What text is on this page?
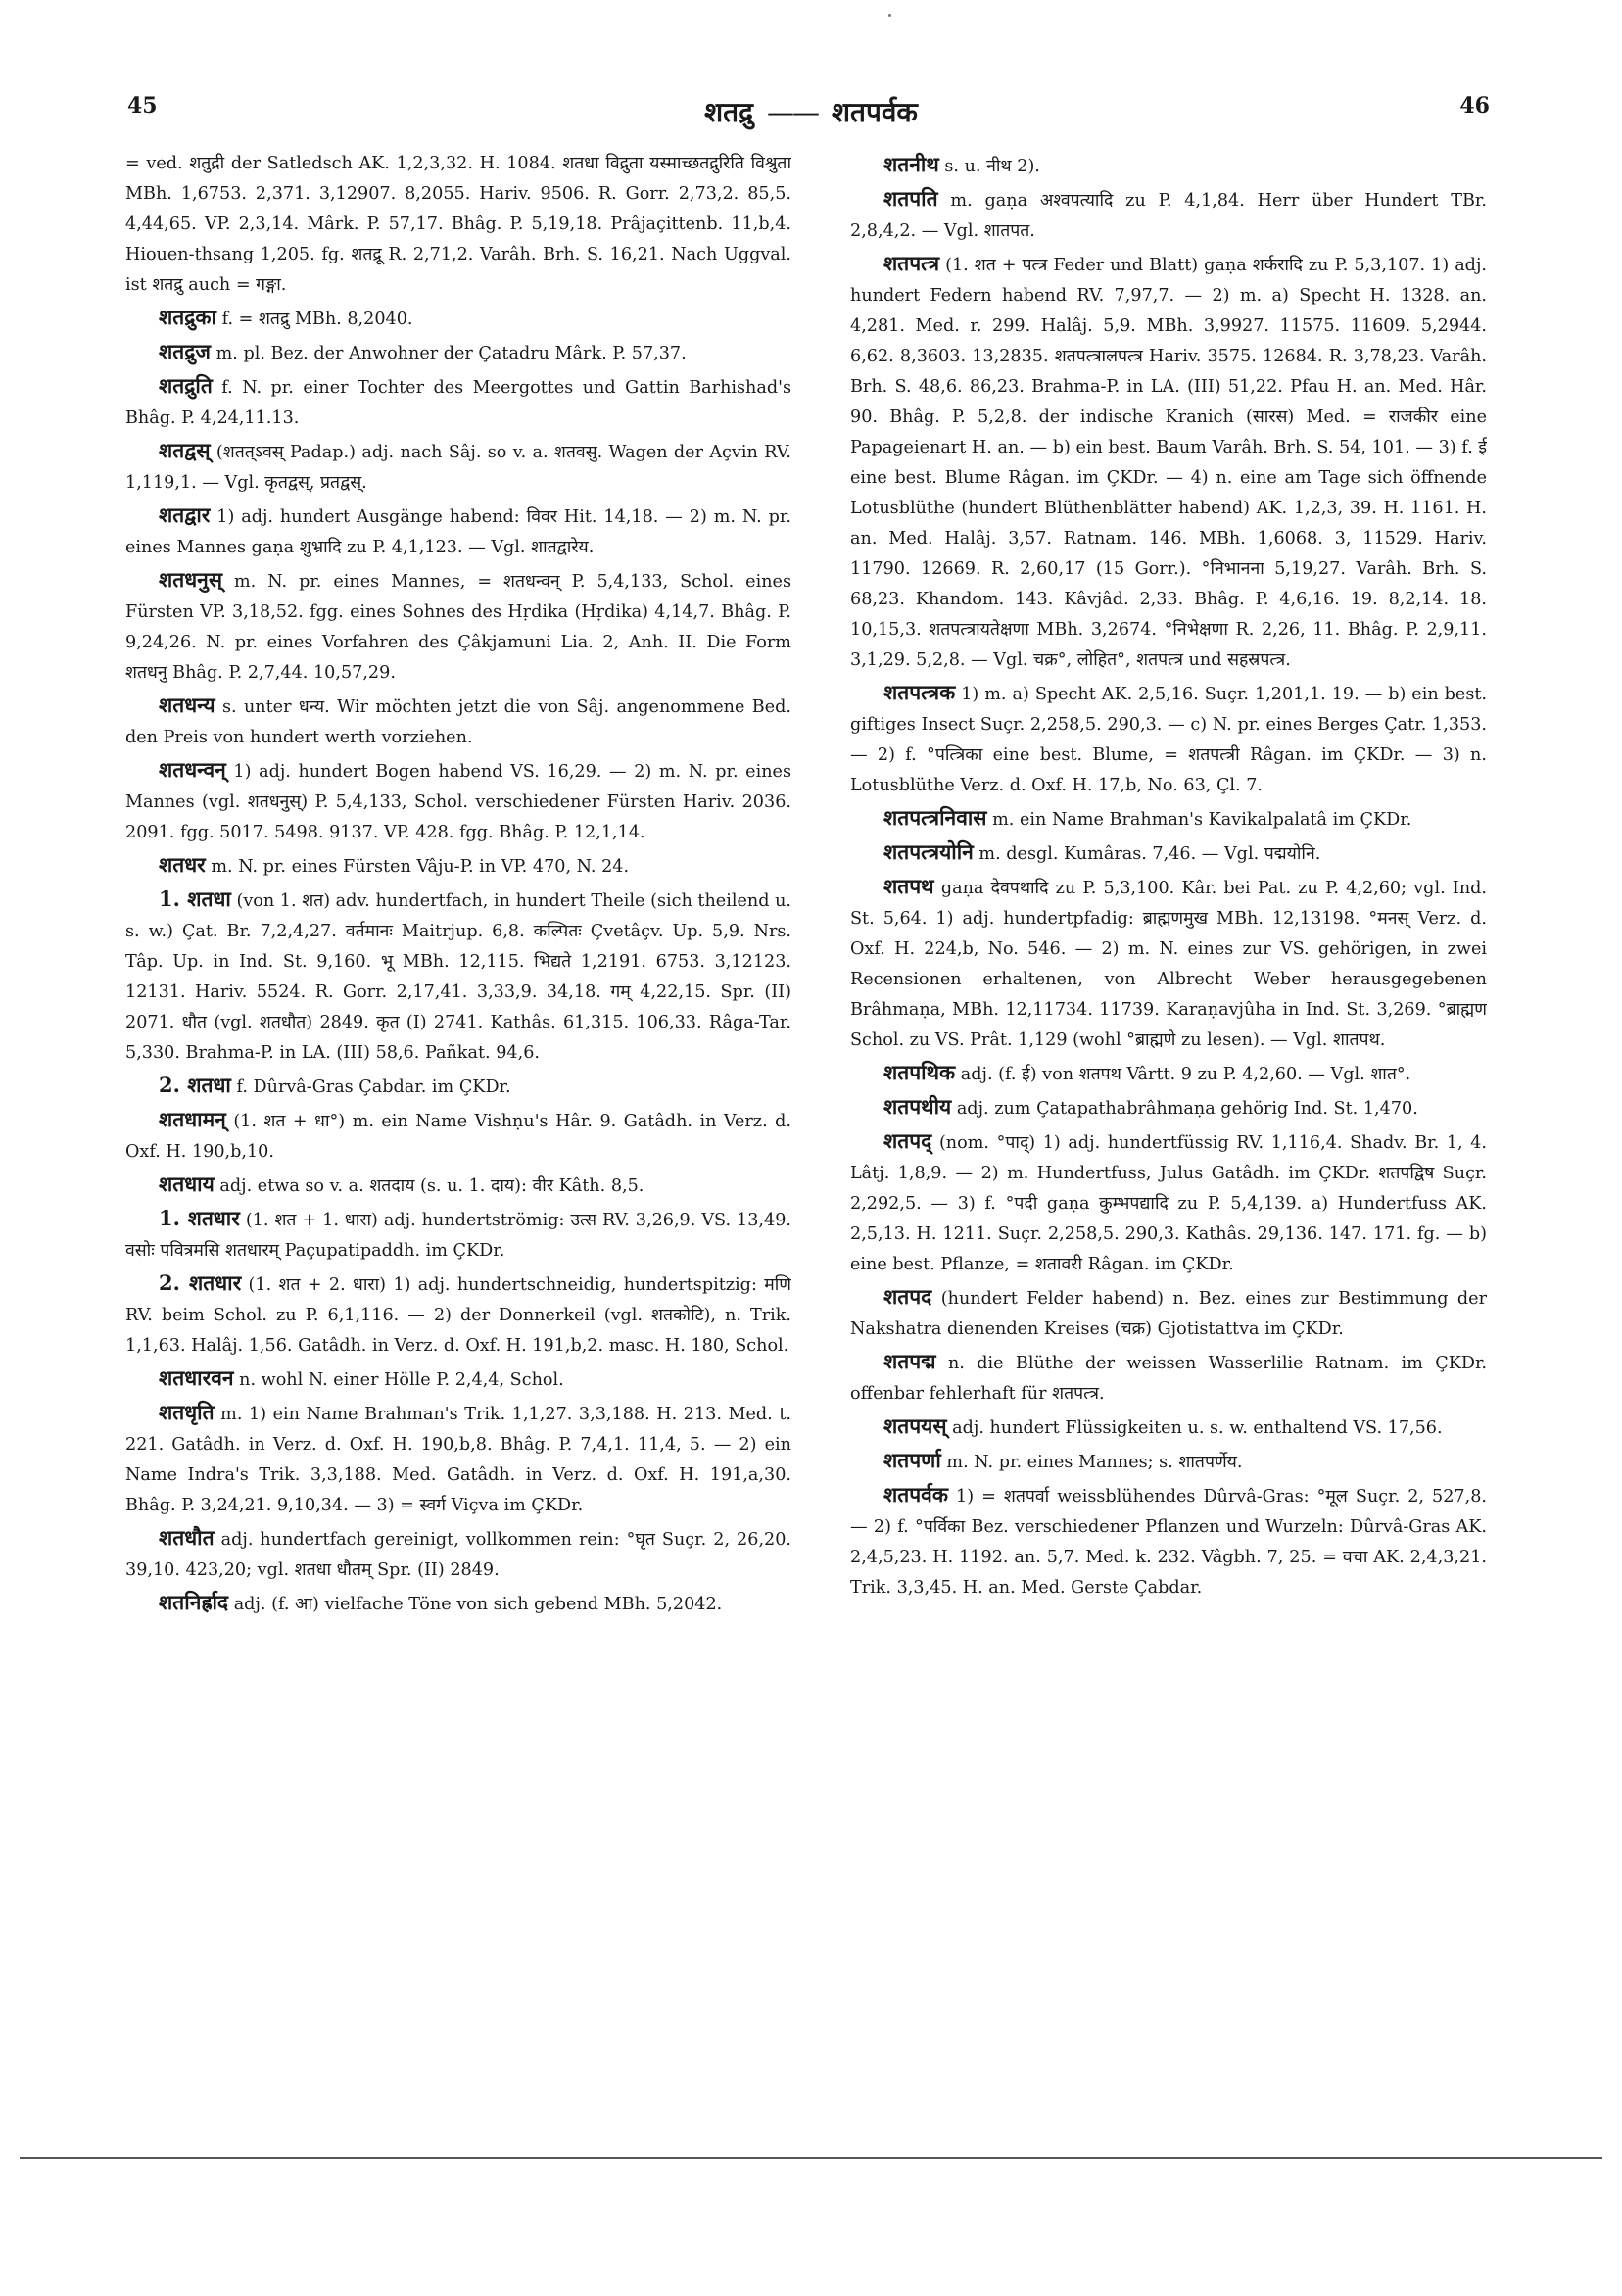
45	शतद्रु —— शतपर्वक	46

= ved. शतुद्री der Satledsch AK. 1,2,3,32. H. 1084. शतधा विद्रुता यस्माच्छतद्रुरिति विश्रुता MBh. 1,6753. 2,371. 3,12907. 8,2055. Hariv. 9506. R. Gorr. 2,73,2. 85,5. 4,44,65. VP. 2,3,14. Mârk. P. 57,17. Bhâg. P. 5,19,18. Prâjaçittenb. 11,b,4. Hiouen-thsang 1,205. fg. शतद्रू R. 2,71,2. Varâh. Brh. S. 16,21. Nach Uggval. ist शतद्रु auch = गङ्गा.

शतद्रुका f. = शतद्रु MBh. 8,2040.

शतद्रुज m. pl. Bez. der Anwohner der Çatadru Mârk. P. 57,37.

शतद्रुति f. N. pr. einer Tochter des Meergottes und Gattin Barhishad's Bhâg. P. 4,24,11.13.

शतद्वस् (शतत्ऽवस् Padap.) adj. nach Sâj. so v. a. शतवसु. Wagen der Açvin RV. 1,119,1. — Vgl. कृतद्वस्, प्रतद्वस्.

शतद्वार 1) adj. hundert Ausgänge habend: विवर Hit. 14,18. — 2) m. N. pr. eines Mannes gaṇa शुभ्रादि zu P. 4,1,123. — Vgl. शातद्वारेय.

शतधनुस् m. N. pr. eines Mannes, = शतधन्वन् P. 5,4,133, Schol. eines Fürsten VP. 3,18,52. fgg. eines Sohnes des Hṛdika (Hṛdika) 4,14,7. Bhâg. P. 9,24,26. N. pr. eines Vorfahren des Çâkjamuni Lia. 2, Anh. II. Die Form शतधनु Bhâg. P. 2,7,44. 10,57,29.

शतधन्य s. unter धन्य. Wir möchten jetzt die von Sâj. angenommene Bed. den Preis von hundert werth vorziehen.

शतधन्वन् 1) adj. hundert Bogen habend VS. 16,29. — 2) m. N. pr. eines Mannes (vgl. शतधनुस्) P. 5,4,133, Schol. verschiedener Fürsten Hariv. 2036. 2091. fgg. 5017. 5498. 9137. VP. 428. fgg. Bhâg. P. 12,1,14.

शतधर m. N. pr. eines Fürsten Vâju-P. in VP. 470, N. 24.

1. शतधा (von 1. शत) adv. hundertfach, in hundert Theile (sich theilend u. s. w.) Çat. Br. 7,2,4,27. वर्तमानः Maitrjup. 6,8. कल्पितः Çvetâçv. Up. 5,9. Nrs. Tâp. Up. in Ind. St. 9,160. भू MBh. 12,115. भिद्यते 1,2191. 6753. 3,12123. 12131. Hariv. 5524. R. Gorr. 2,17,41. 3,33,9. 34,18. गम् 4,22,15. Spr. (II) 2071. धौत (vgl. शतधौत) 2849. कृत (I) 2741. Kathâs. 61,315. 106,33. Râga-Tar. 5,330. Brahma-P. in LA. (III) 58,6. Pañkat. 94,6.

2. शतधा f. Dûrvâ-Gras Çabdar. im ÇKDr.

शतधामन् (1. शत + धा°) m. ein Name Vishṇu's Hâr. 9. Gatâdh. in Verz. d. Oxf. H. 190,b,10.

शतधाय adj. etwa so v. a. शतदाय (s. u. 1. दाय): वीर Kâth. 8,5.

1. शतधार (1. शत + 1. धारा) adj. hundertströmig: उत्स RV. 3,26,9. VS. 13,49. वसोः पवित्रमसि शतधारम् Paçupatipaddh. im ÇKDr.

2. शतधार (1. शत + 2. धारा) 1) adj. hundertschneidig, hundertspitzig: मणि RV. beim Schol. zu P. 6,1,116. — 2) der Donnerkeil (vgl. शतकोटि), n. Trik. 1,1,63. Halâj. 1,56. Gatâdh. in Verz. d. Oxf. H. 191,b,2. masc. H. 180, Schol.

शतधारवन n. wohl N. einer Hölle P. 2,4,4, Schol.

शतधृति m. 1) ein Name Brahman's Trik. 1,1,27. 3,3,188. H. 213. Med. t. 221. Gatâdh. in Verz. d. Oxf. H. 190,b,8. Bhâg. P. 7,4,1. 11,4, 5. — 2) ein Name Indra's Trik. 3,3,188. Med. Gatâdh. in Verz. d. Oxf. H. 191,a,30. Bhâg. P. 3,24,21. 9,10,34. — 3) = स्वर्ग Viçva im ÇKDr.

शतधौत adj. hundertfach gereinigt, vollkommen rein: °घृत Suçr. 2, 26,20. 39,10. 423,20; vgl. शतधा धौतम् Spr. (II) 2849.

शतनिर्ह्राद adj. (f. आ) vielfache Töne von sich gebend MBh. 5,2042.

शतनीथ s. u. नीथ 2).

शतपति m. gaṇa अश्वपत्यादि zu P. 4,1,84. Herr über Hundert TBr. 2,8,4,2. — Vgl. शातपत.

शतपत्त्र (1. शत + पत्त्र Feder und Blatt) gaṇa शर्करादि zu P. 5,3,107. 1) adj. hundert Federn habend RV. 7,97,7. — 2) m. a) Specht H. 1328. an. 4,281. Med. r. 299. Halâj. 5,9. MBh. 3,9927. 11575. 11609. 5,2944. 6,62. 8,3603. 13,2835. शतपत्त्रालपत्त्र Hariv. 3575. 12684. R. 3,78,23. Varâh. Brh. S. 48,6. 86,23. Brahma-P. in LA. (III) 51,22. Pfau H. an. Med. Hâr. 90. Bhâg. P. 5,2,8. der indische Kranich (सारस) Med. = राजकीर eine Papageienart H. an. — b) ein best. Baum Varâh. Brh. S. 54, 101. — 3) f. ई eine best. Blume Râgan. im ÇKDr. — 4) n. eine am Tage sich öffnende Lotusblüthe (hundert Blüthenblätter habend) AK. 1,2,3, 39. H. 1161. H. an. Med. Halâj. 3,57. Ratnam. 146. MBh. 1,6068. 3, 11529. Hariv. 11790. 12669. R. 2,60,17 (15 Gorr.). °निभानना 5,19,27. Varâh. Brh. S. 68,23. Khandom. 143. Kâvjâd. 2,33. Bhâg. P. 4,6,16. 19. 8,2,14. 18. 10,15,3. शतपत्त्रायतेक्षणा MBh. 3,2674. °निभेक्षणा R. 2,26, 11. Bhâg. P. 2,9,11. 3,1,29. 5,2,8. — Vgl. चक्र°, लोहित°, शतपत्त्र und सहस्रपत्त्र.

शतपत्त्रक 1) m. a) Specht AK. 2,5,16. Suçr. 1,201,1. 19. — b) ein best. giftiges Insect Suçr. 2,258,5. 290,3. — c) N. pr. eines Berges Çatr. 1,353. — 2) f. °पत्त्रिका eine best. Blume, = शतपत्त्री Râgan. im ÇKDr. — 3) n. Lotusblüthe Verz. d. Oxf. H. 17,b, No. 63, Çl. 7.

शतपत्त्रनिवास m. ein Name Brahman's Kavikalpalatâ im ÇKDr.

शतपत्त्रयोनि m. desgl. Kumâras. 7,46. — Vgl. पद्मयोनि.

शतपथ gaṇa देवपथादि zu P. 5,3,100. Kâr. bei Pat. zu P. 4,2,60; vgl. Ind. St. 5,64. 1) adj. hundertpfadig: ब्राह्मणमुख MBh. 12,13198. °मनस् Verz. d. Oxf. H. 224,b, No. 546. — 2) m. N. eines zur VS. gehörigen, in zwei Recensionen erhaltenen, von Albrecht Weber herausgegebenen Brâhmaṇa, MBh. 12,11734. 11739. Karaṇavjûha in Ind. St. 3,269. °ब्राह्मण Schol. zu VS. Prât. 1,129 (wohl °ब्राह्मणे zu lesen). — Vgl. शातपथ.

शतपथिक adj. (f. ई) von शतपथ Vârtt. 9 zu P. 4,2,60. — Vgl. शात°.

शतपथीय adj. zum Çatapathabrâhmaṇa gehörig Ind. St. 1,470.

शतपद् (nom. °पाद्) 1) adj. hundertfüssig RV. 1,116,4. Shadv. Br. 1, 4. Lâtj. 1,8,9. — 2) m. Hundertfuss, Julus Gatâdh. im ÇKDr. शतपद्विष Suçr. 2,292,5. — 3) f. °पदी gaṇa कुम्भपद्यादि zu P. 5,4,139. a) Hundertfuss AK. 2,5,13. H. 1211. Suçr. 2,258,5. 290,3. Kathâs. 29,136. 147. 171. fg. — b) eine best. Pflanze, = शतावरी Râgan. im ÇKDr.

शतपद (hundert Felder habend) n. Bez. eines zur Bestimmung der Nakshatra dienenden Kreises (चक्र) Gjotistattva im ÇKDr.

शतपद्म n. die Blüthe der weissen Wasserlilie Ratnam. im ÇKDr. offenbar fehlerhaft für शतपत्त्र.

शतपयस् adj. hundert Flüssigkeiten u. s. w. enthaltend VS. 17,56.

शतपर्णा m. N. pr. eines Mannes; s. शातपर्णेय.

शतपर्वक 1) = शतपर्वा weissblühendes Dûrvâ-Gras: °मूल Suçr. 2, 527,8. — 2) f. °पर्विका Bez. verschiedener Pflanzen und Wurzeln: Dûrvâ-Gras AK. 2,4,5,23. H. 1192. an. 5,7. Med. k. 232. Vâgbh. 7, 25. = वचा AK. 2,4,3,21. Trik. 3,3,45. H. an. Med. Gerste Çabdar.
